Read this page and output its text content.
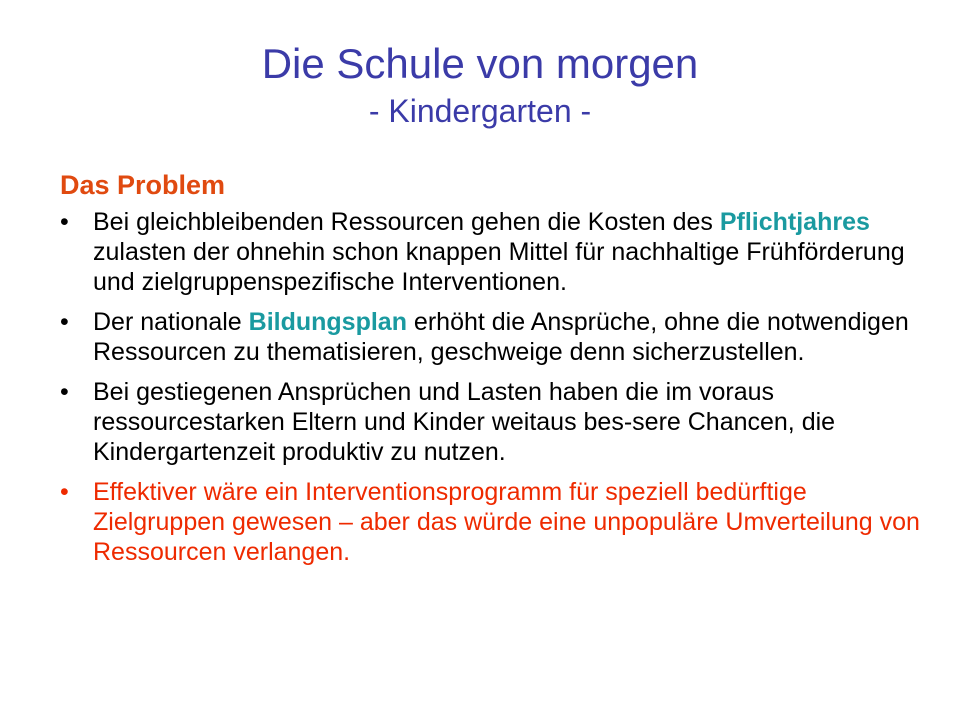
Die Schule von morgen
- Kindergarten -
Das Problem
• Bei gleichbleibenden Ressourcen gehen die Kosten des Pflichtjahres zulasten der ohnehin schon knappen Mittel für nachhaltige Frühförderung und zielgruppenspezifische Interventionen.
• Der nationale Bildungsplan erhöht die Ansprüche, ohne die notwendigen Ressourcen zu thematisieren, geschweige denn sicherzustellen.
• Bei gestiegenen Ansprüchen und Lasten haben die im voraus ressourcestarken Eltern und Kinder weitaus bes-sere Chancen, die Kindergartenzeit produktiv zu nutzen.
• Effektiver wäre ein Interventionsprogramm für speziell bedürftige Zielgruppen gewesen – aber das würde eine unpopuläre Umverteilung von Ressourcen verlangen.
